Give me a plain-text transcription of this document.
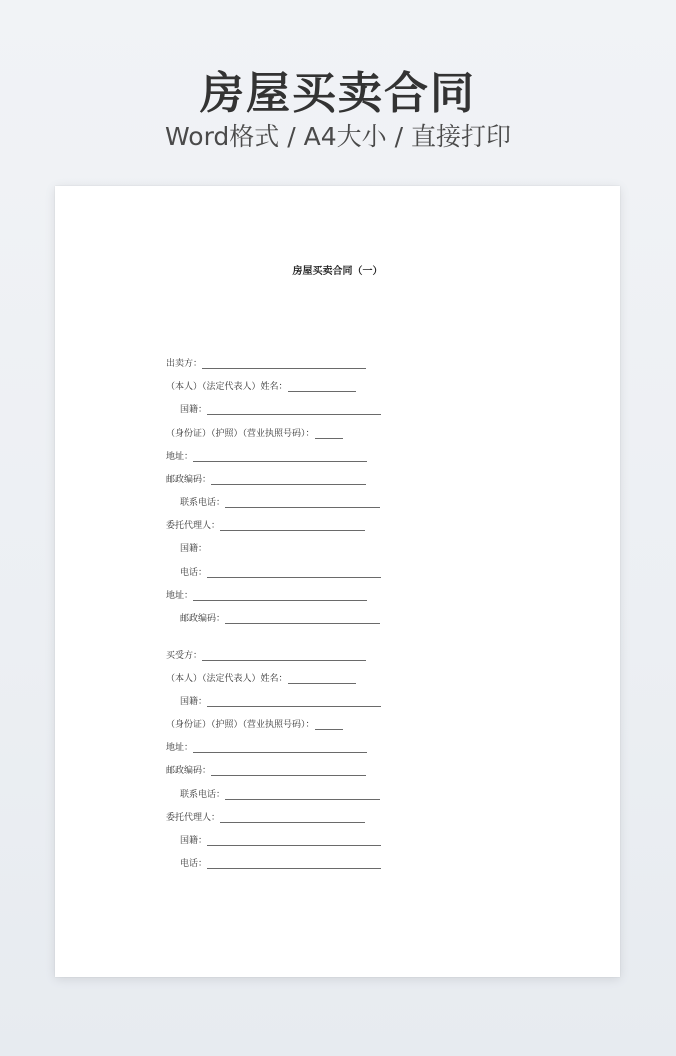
房屋买卖合同
Word格式 / A4大小 / 直接打印
房屋买卖合同（一）
出卖方：
（本人）（法定代表人）姓名：
国籍：
（身份证）（护照）（营业执照号码）：
地址：
邮政编码：
联系电话：
委托代理人：
国籍：
电话：
地址：
邮政编码：
买受方：
（本人）（法定代表人）姓名：
国籍：
（身份证）（护照）（营业执照号码）：
地址：
邮政编码：
联系电话：
委托代理人：
国籍：
电话：
